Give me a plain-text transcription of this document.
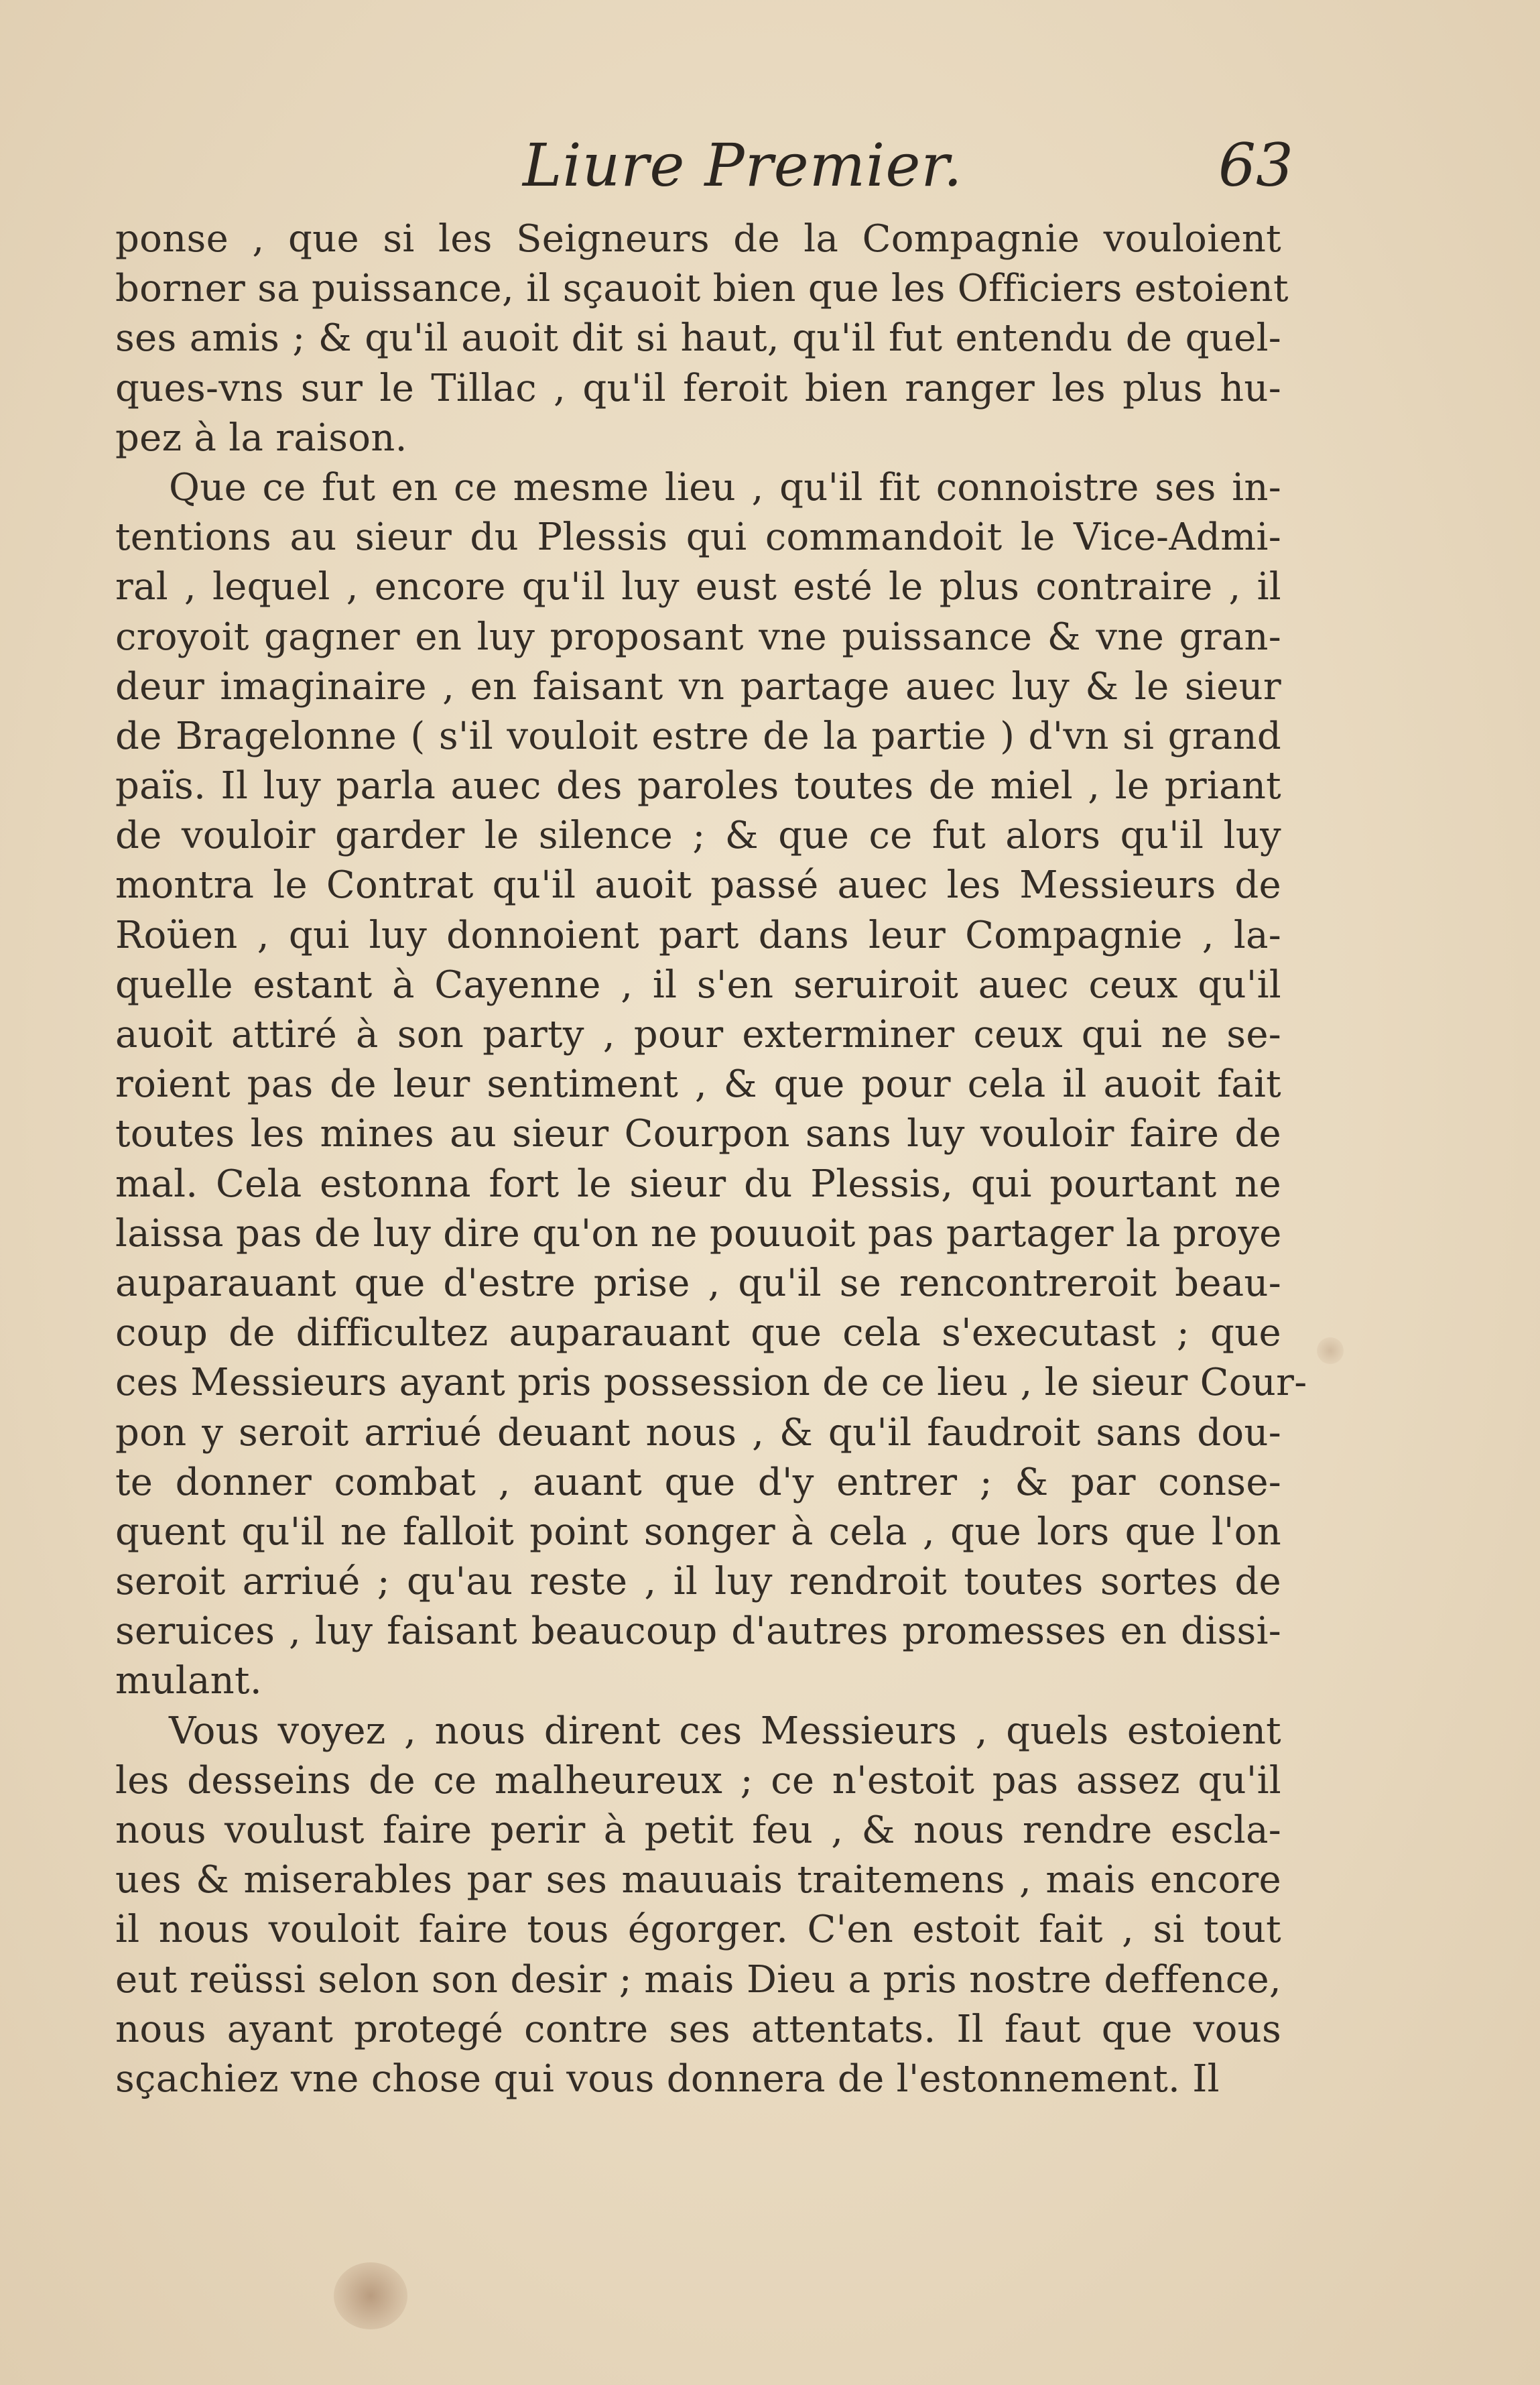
Liure Premier.	63
ponse , que si les Seigneurs de la Compagnie vouloient
borner sa puissance, il sçauoit bien que les Officiers estoient
ses amis ; & qu'il auoit dit si haut, qu'il fut entendu de quel-
ques-vns sur le Tillac , qu'il feroit bien ranger les plus hu-
pez à la raison.
Que ce fut en ce mesme lieu , qu'il fit connoistre ses in-
tentions au sieur du Plessis qui commandoit le Vice-Admi-
ral , lequel , encore qu'il luy eust esté le plus contraire , il
croyoit gagner en luy proposant vne puissance & vne gran-
deur imaginaire , en faisant vn partage auec luy & le sieur
de Bragelonne ( s'il vouloit estre de la partie ) d'vn si grand
païs. Il luy parla auec des paroles toutes de miel , le priant
de vouloir garder le silence ; & que ce fut alors qu'il luy
montra le Contrat qu'il auoit passé auec les Messieurs de
Roüen , qui luy donnoient part dans leur Compagnie , la-
quelle estant à Cayenne , il s'en seruiroit auec ceux qu'il
auoit attiré à son party , pour exterminer ceux qui ne se-
roient pas de leur sentiment , & que pour cela il auoit fait
toutes les mines au sieur Courpon sans luy vouloir faire de
mal. Cela estonna fort le sieur du Plessis, qui pourtant ne
laissa pas de luy dire qu'on ne pouuoit pas partager la proye
auparauant que d'estre prise , qu'il se rencontreroit beau-
coup de difficultez auparauant que cela s'executast ; que
ces Messieurs ayant pris possession de ce lieu , le sieur Cour-
pon y seroit arriué deuant nous , & qu'il faudroit sans dou-
te donner combat , auant que d'y entrer ; & par conse-
quent qu'il ne falloit point songer à cela , que lors que l'on
seroit arriué ; qu'au reste , il luy rendroit toutes sortes de
seruices , luy faisant beaucoup d'autres promesses en dissi-
mulant.
Vous voyez , nous dirent ces Messieurs , quels estoient
les desseins de ce malheureux ; ce n'estoit pas assez qu'il
nous voulust faire perir à petit feu , & nous rendre escla-
ues & miserables par ses mauuais traitemens , mais encore
il nous vouloit faire tous égorger. C'en estoit fait , si tout
eut reüssi selon son desir ; mais Dieu a pris nostre deffence,
nous ayant protegé contre ses attentats. Il faut que vous
sçachiez vne chose qui vous donnera de l'estonnement. Il
